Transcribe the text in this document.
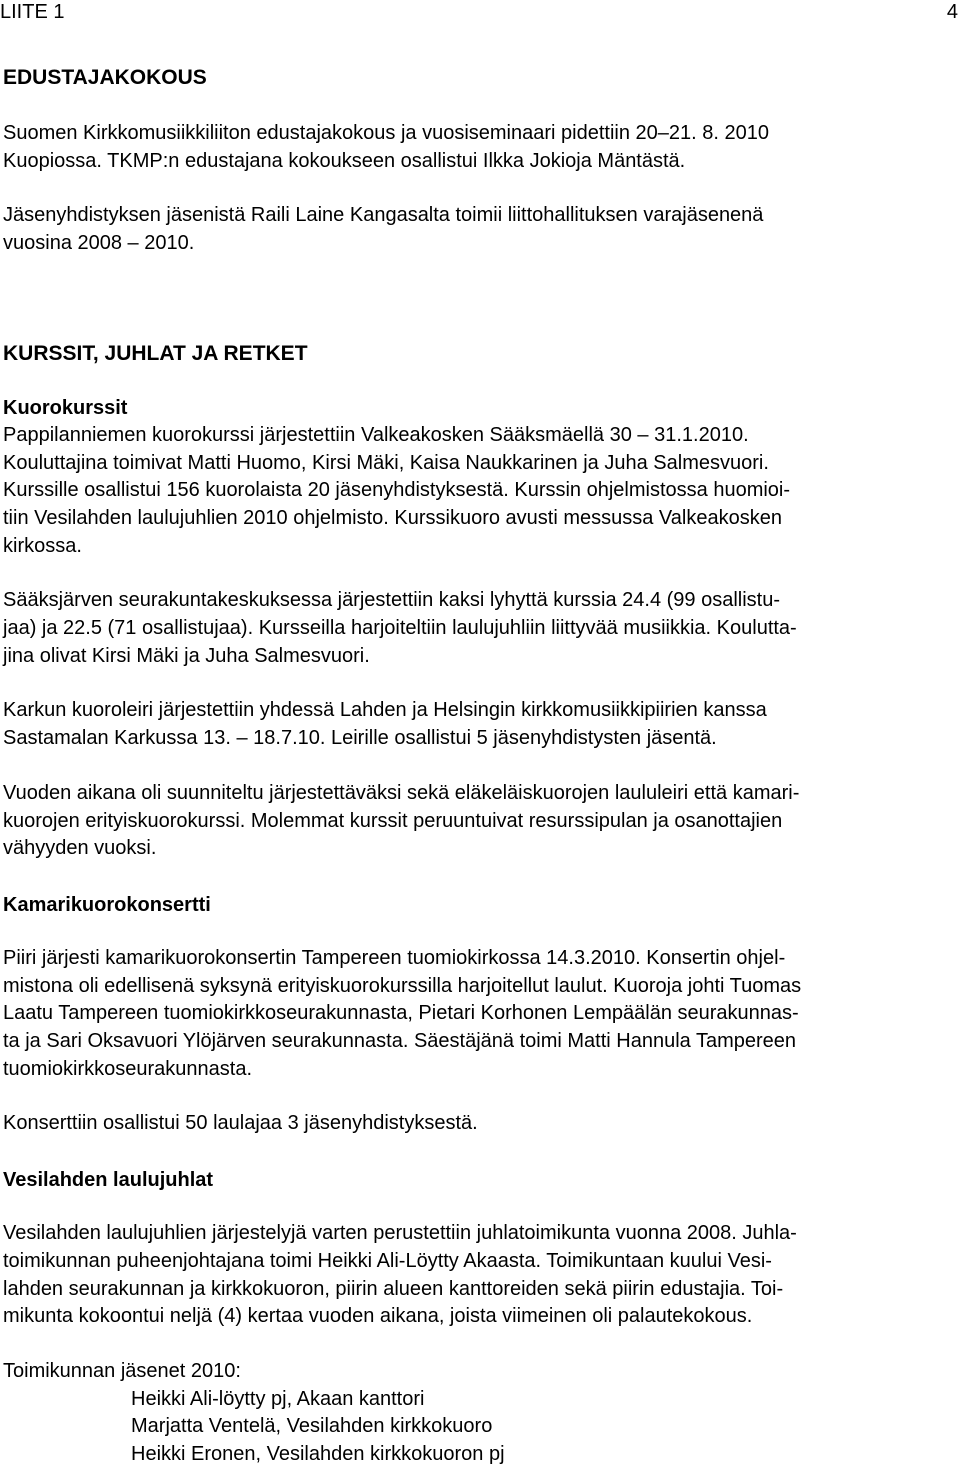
LIITE 1	4
EDUSTAJAKOKOUS
Suomen Kirkkomusiikkiliiton edustajakokous ja vuosiseminaari pidettiin 20–21. 8. 2010
Kuopiossa. TKMP:n edustajana kokoukseen osallistui Ilkka Jokioja Mäntästä.
Jäsenyhdistyksen jäsenistä Raili Laine Kangasalta toimii liittohallituksen varajäsenenä
vuosina 2008 – 2010.
KURSSIT, JUHLAT JA RETKET
Kuorokurssit
Pappilanniemen kuorokurssi järjestettiin Valkeakosken Sääksmäellä 30 – 31.1.2010.
Kouluttajina toimivat Matti Huomo, Kirsi Mäki, Kaisa Naukkarinen ja Juha Salmesvuori.
Kurssille osallistui 156 kuorolaista 20 jäsenyhdistyksestä. Kurssin ohjelmistossa huomioi-
tiin Vesilahden laulujuhlien 2010 ohjelmisto. Kurssikuoro avusti messussa Valkeakosken
kirkossa.
Sääksjärven seurakuntakeskuksessa järjestettiin kaksi lyhyttä kurssia 24.4 (99 osallistu-
jaa) ja 22.5 (71 osallistujaa). Kursseilla harjoiteltiin laulujuhliin liittyvää musiikkia. Koulutta-
jina olivat Kirsi Mäki ja Juha Salmesvuori.
Karkun kuoroleiri järjestettiin yhdessä Lahden ja Helsingin kirkkomusiikkipiirien kanssa
Sastamalan Karkussa 13. – 18.7.10. Leirille osallistui 5 jäsenyhdistysten jäsentä.
Vuoden aikana oli suunniteltu järjestettäväksi sekä eläkeläiskuorojen laululeiri että kamari-
kuorojen erityiskuorokurssi. Molemmat kurssit peruuntuivat resurssipulan ja osanottajien
vähyyden vuoksi.
Kamarikuorokonsertti
Piiri järjesti kamarikuorokonsertin Tampereen tuomiokirkossa 14.3.2010. Konsertin ohjel-
mistona oli edellisenä syksynä erityiskuorokurssilla harjoitellut laulut. Kuoroja johti Tuomas
Laatu Tampereen tuomiokirkkoseurakunnasta, Pietari Korhonen Lempäälän seurakunnas-
ta ja Sari Oksavuori Ylöjärven seurakunnasta. Säestäjänä toimi Matti Hannula Tampereen
tuomiokirkkoseurakunnasta.
Konserttiin osallistui 50 laulajaa 3 jäsenyhdistyksestä.
Vesilahden laulujuhlat
Vesilahden laulujuhlien järjestelyjä varten perustettiin juhlatoimikunta vuonna 2008. Juhla-
toimikunnan puheenjohtajana toimi Heikki Ali-Löytty Akaasta. Toimikuntaan kuului Vesi-
lahden seurakunnan ja kirkkokuoron, piirin alueen kanttoreiden sekä piirin edustajia. Toi-
mikunta kokoontui neljä (4) kertaa vuoden aikana, joista viimeinen oli palautekokous.
Toimikunnan jäsenet 2010:
Heikki Ali-löytty pj, Akaan kanttori
Marjatta Ventelä, Vesilahden kirkkokuoro
Heikki Eronen, Vesilahden kirkkokuoron pj
